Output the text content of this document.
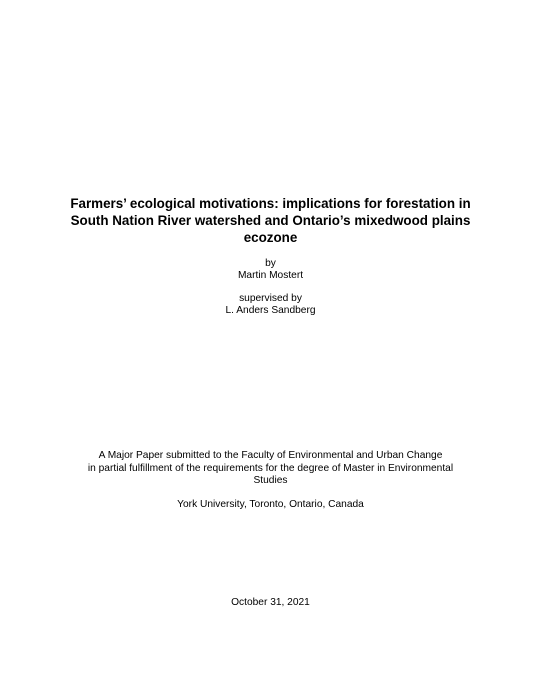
Farmers’ ecological motivations: implications for forestation in
South Nation River watershed and Ontario’s mixedwood plains
ecozone
by
Martin Mostert
supervised by
L. Anders Sandberg
A Major Paper submitted to the Faculty of Environmental and Urban Change
in partial fulfillment of the requirements for the degree of Master in Environmental
Studies
York University, Toronto, Ontario, Canada
October 31, 2021
